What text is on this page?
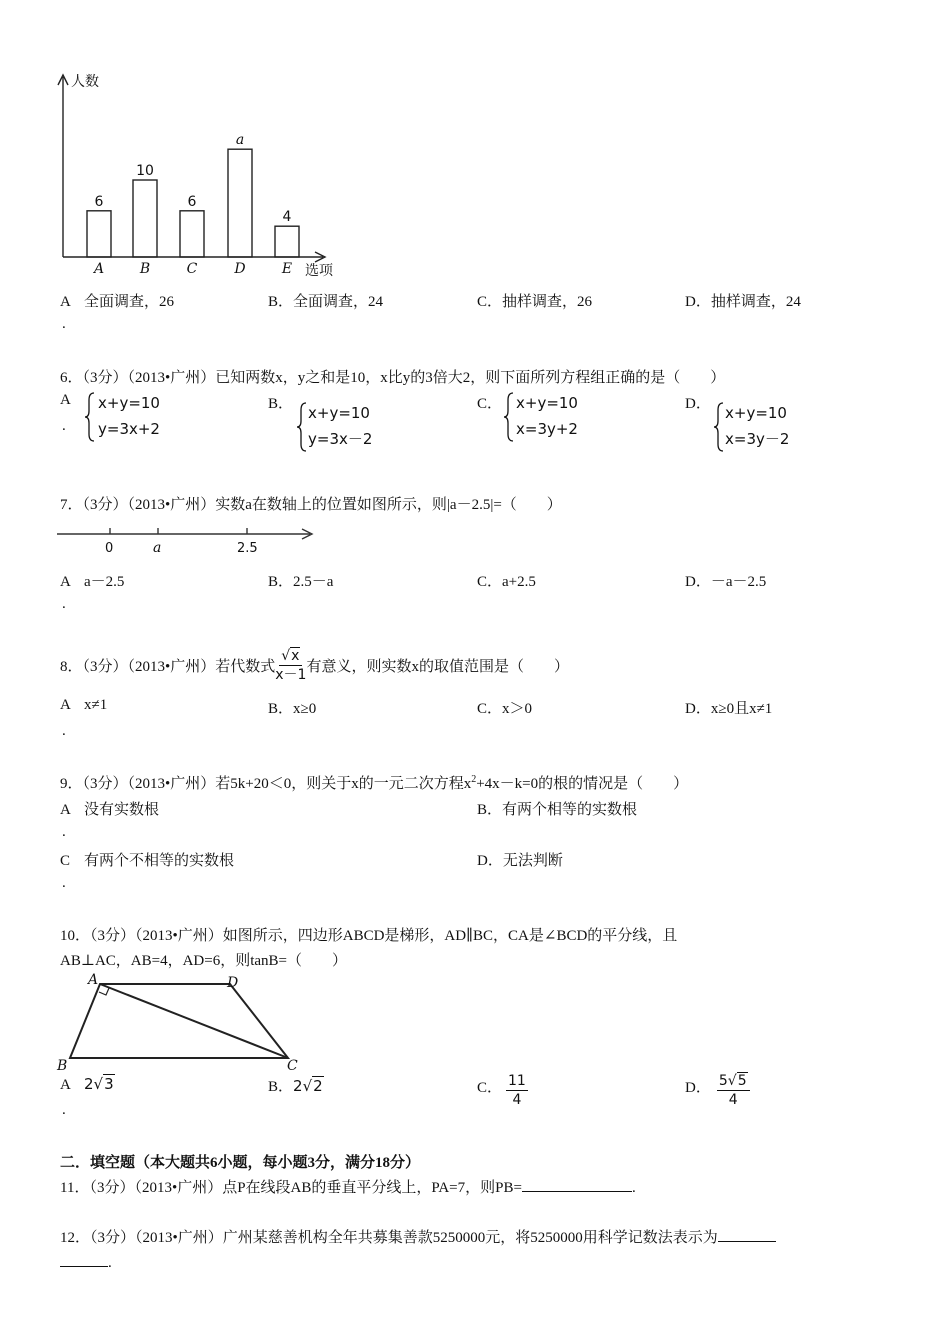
6
A
10
B
6
C
a
D
4
E
人数
选项
A 全面调查，26
.
B．全面调查，24	C．抽样调查，26	D．抽样调查，24
6．（3分）（2013•广州）已知两数x，y之和是10，x比y的3倍大2，则下面所列方程组正确的是（　　）
A
.
x+y=10
y=3x+2
B． x+y=10
y=3x－2
C． x+y=10
x=3y+2
D． x+y=10
x=3y－2
7．（3分）（2013•广州）实数a在数轴上的位置如图所示，则|a－2.5|=（　　）
0	a	2.5
A a－2.5
.
B．2.5－a	C．a+2.5	D．－a－2.5
8．（3分）（2013•广州）若代数式 $\frac{√x}{x-1}$ 有意义，则实数x的取值范围是（　　）
A x≠1
.
B．x≥0	C．x＞0	D．x≥0且x≠1
9．（3分）（2013•广州）若5k+20＜0，则关于x的一元二次方程$x^2+4x-k=0$的根的情况是（　　）
A 没有实数根
.
B．有两个相等的实数根
C 有两个不相等的实数根
.
D．无法判断
10．（3分）（2013•广州）如图所示，四边形ABCD是梯形，AD∥BC，CA是∠BCD的平分线，且
AB⊥AC，AB=4，AD=6，则tanB=（　　）
A	D
B	C
A 2√3
.
B．2√2	C． $\frac{11}{4}$	D． $\frac{5√5}{4}$
二．填空题（本大题共6小题，每小题3分，满分18分）
11．（3分）（2013•广州）点P在线段AB的垂直平分线上，PA=7，则PB=	.
12．（3分）（2013•广州）广州某慈善机构全年共募集善款5250000元，将5250000用科学记数法表示为
.
